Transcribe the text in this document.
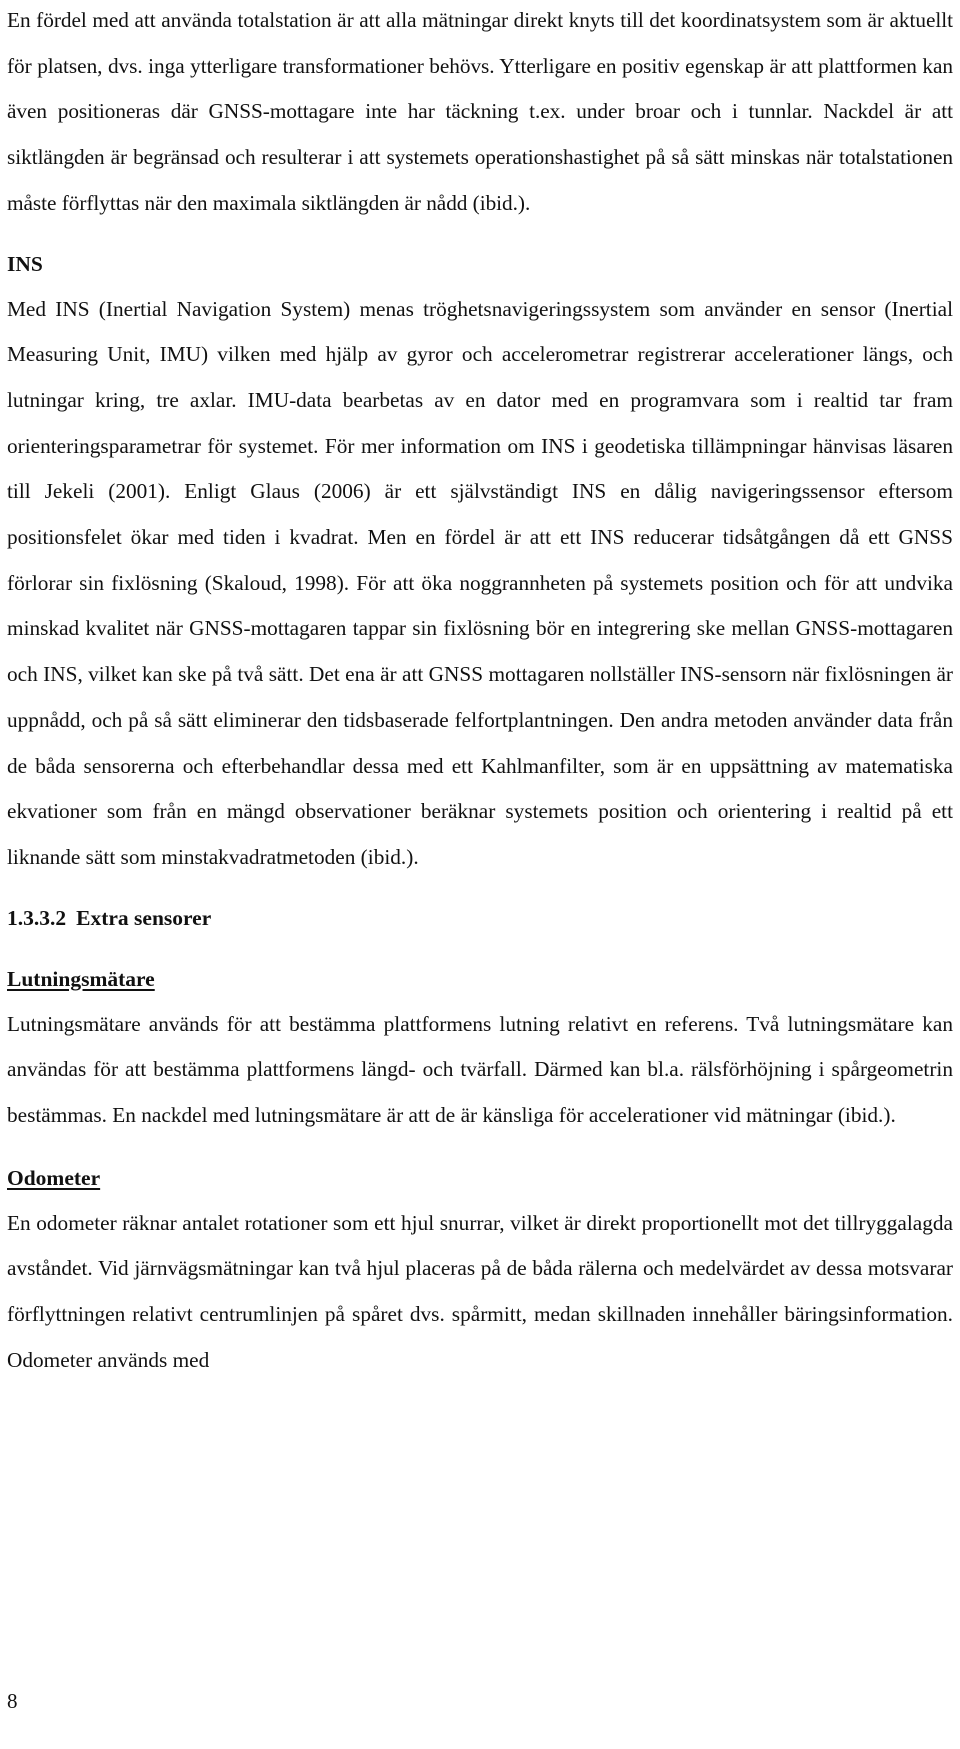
En fördel med att använda totalstation är att alla mätningar direkt knyts till det koordinatsystem som är aktuellt för platsen, dvs. inga ytterligare transformationer behövs. Ytterligare en positiv egenskap är att plattformen kan även positioneras där GNSS-mottagare inte har täckning t.ex. under broar och i tunnlar. Nackdel är att siktlängden är begränsad och resulterar i att systemets operationshastighet på så sätt minskas när totalstationen måste förflyttas när den maximala siktlängden är nådd (ibid.).

INS

Med INS (Inertial Navigation System) menas tröghetsnavigeringssystem som använder en sensor (Inertial Measuring Unit, IMU) vilken med hjälp av gyror och accelerometrar registrerar accelerationer längs, och lutningar kring, tre axlar. IMU-data bearbetas av en dator med en programvara som i realtid tar fram orienteringsparametrar för systemet. För mer information om INS i geodetiska tillämpningar hänvisas läsaren till Jekeli (2001). Enligt Glaus (2006) är ett självständigt INS en dålig navigeringssensor eftersom positionsfelet ökar med tiden i kvadrat. Men en fördel är att ett INS reducerar tidsåtgången då ett GNSS förlorar sin fixlösning (Skaloud, 1998). För att öka noggrannheten på systemets position och för att undvika minskad kvalitet när GNSS-mottagaren tappar sin fixlösning bör en integrering ske mellan GNSS-mottagaren och INS, vilket kan ske på två sätt. Det ena är att GNSS mottagaren nollställer INS-sensorn när fixlösningen är uppnådd, och på så sätt eliminerar den tidsbaserade felfortplantningen. Den andra metoden använder data från de båda sensorerna och efterbehandlar dessa med ett Kahlmanfilter, som är en uppsättning av matematiska ekvationer som från en mängd observationer beräknar systemets position och orientering i realtid på ett liknande sätt som minstakvadratmetoden (ibid.).

1.3.3.2 Extra sensorer
Lutningsmätare

Lutningsmätare används för att bestämma plattformens lutning relativt en referens. Två lutningsmätare kan användas för att bestämma plattformens längd- och tvärfall. Därmed kan bl.a. rälsförhöjning i spårgeometrin bestämmas. En nackdel med lutningsmätare är att de är känsliga för accelerationer vid mätningar (ibid.).

Odometer

En odometer räknar antalet rotationer som ett hjul snurrar, vilket är direkt proportionellt mot det tillryggalagda avståndet. Vid järnvägsmätningar kan två hjul placeras på de båda rälerna och medelvärdet av dessa motsvarar förflyttningen relativt centrumlinjen på spåret dvs. spårmitt, medan skillnaden innehåller bäringsinformation. Odometer används med

8
